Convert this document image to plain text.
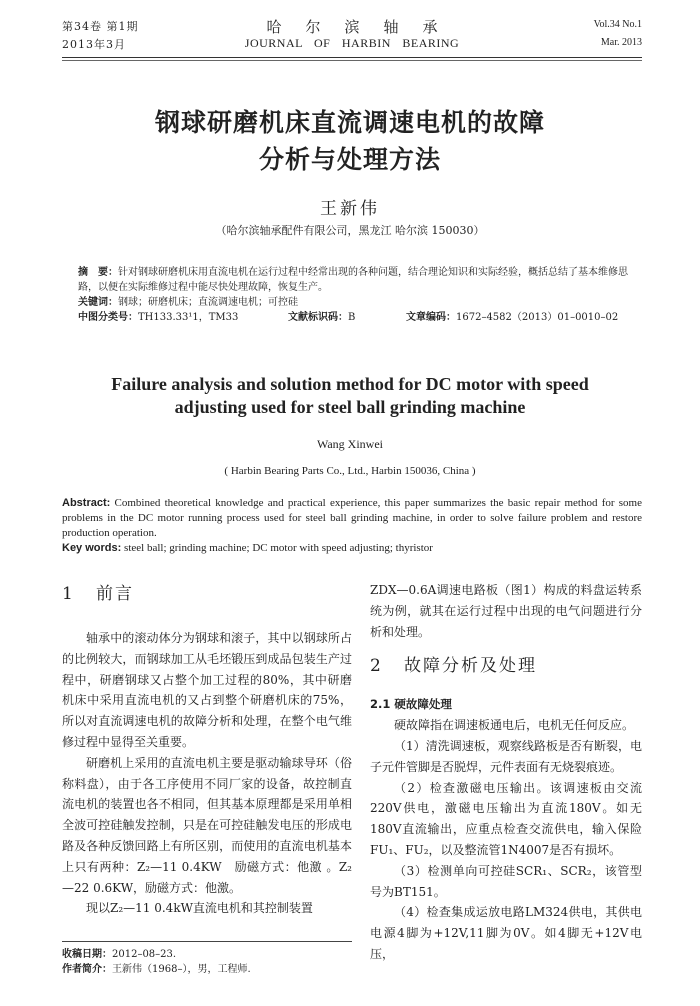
第34卷 第1期
2013年3月
哈尔滨轴承
JOURNAL OF HARBIN BEARING
Vol.34 No.1
Mar. 2013
钢球研磨机床直流调速电机的故障
分析与处理方法
王新伟
（哈尔滨轴承配件有限公司，黑龙江 哈尔滨 150030）
摘　要：针对钢球研磨机床用直流电机在运行过程中经常出现的各种问题，结合理论知识和实际经验，概括总结了基本维修思路，以便在实际维修过程中能尽快处理故障，恢复生产。
关键词：钢球；研磨机床；直流调速电机；可控硅
中图分类号： TH133.33¹1，TM33	文献标识码： B	文章编码： 1672–4582（2013）01–0010–02
Failure analysis and solution method for DC motor with speed
adjusting used for steel ball grinding machine
Wang Xinwei
( Harbin Bearing Parts Co., Ltd., Harbin 150036, China )
Abstract: Combined theoretical knowledge and practical experience, this paper summarizes the basic repair method for some problems in the DC motor running process used for steel ball grinding machine, in order to solve failure problem and restore production operation.
Key words: steel ball; grinding machine; DC motor with speed adjusting; thyristor
1 前言

轴承中的滚动体分为钢球和滚子，其中以钢球所占的比例较大，而钢球加工从毛坯锻压到成品包装生产过程中，研磨钢球又占整个加工过程的80%，其中研磨机床中采用直流电机的又占到整个研磨机床的75%，所以对直流调速电机的故障分析和处理，在整个电气维修过程中显得至关重要。

研磨机上采用的直流电机主要是驱动输球导环（俗称料盘），由于各工序使用不同厂家的设备，故控制直流电机的装置也各不相同，但其基本原理都是采用单相全波可控硅触发控制，只是在可控硅触发电压的形成电路及各种反馈回路上有所区别，而使用的直流电机基本上只有两种：Z₂—11 0.4KW　励磁方式：他激 。Z₂—22 0.6KW，励磁方式：他激。

现以Z₂—11 0.4kW直流电机和其控制装置

ZDX—0.6A调速电路板（图1）构成的料盘运转系统为例，就其在运行过程中出现的电气问题进行分析和处理。

2 故障分析及处理
2.1 硬故障处理

硬故障指在调速板通电后，电机无任何反应。

（1）清洗调速板，观察线路板是否有断裂，电子元件管脚是否脱焊，元件表面有无烧裂痕迹。

（2）检查激磁电压输出。该调速板由交流220V供电，激磁电压输出为直流180V。如无180V直流输出，应重点检查交流供电，输入保险FU₁、FU₂，以及整流管1N4007是否有损坏。

（3）检测单向可控硅SCR₁、SCR₂，该管型号为BT151。

（4）检查集成运放电路LM324供电，其供电电源4脚为+12V,11脚为0V。如4脚无+12V电压，

收稿日期：2012–08–23.
作者简介：王新伟（1968–），男，工程师.
